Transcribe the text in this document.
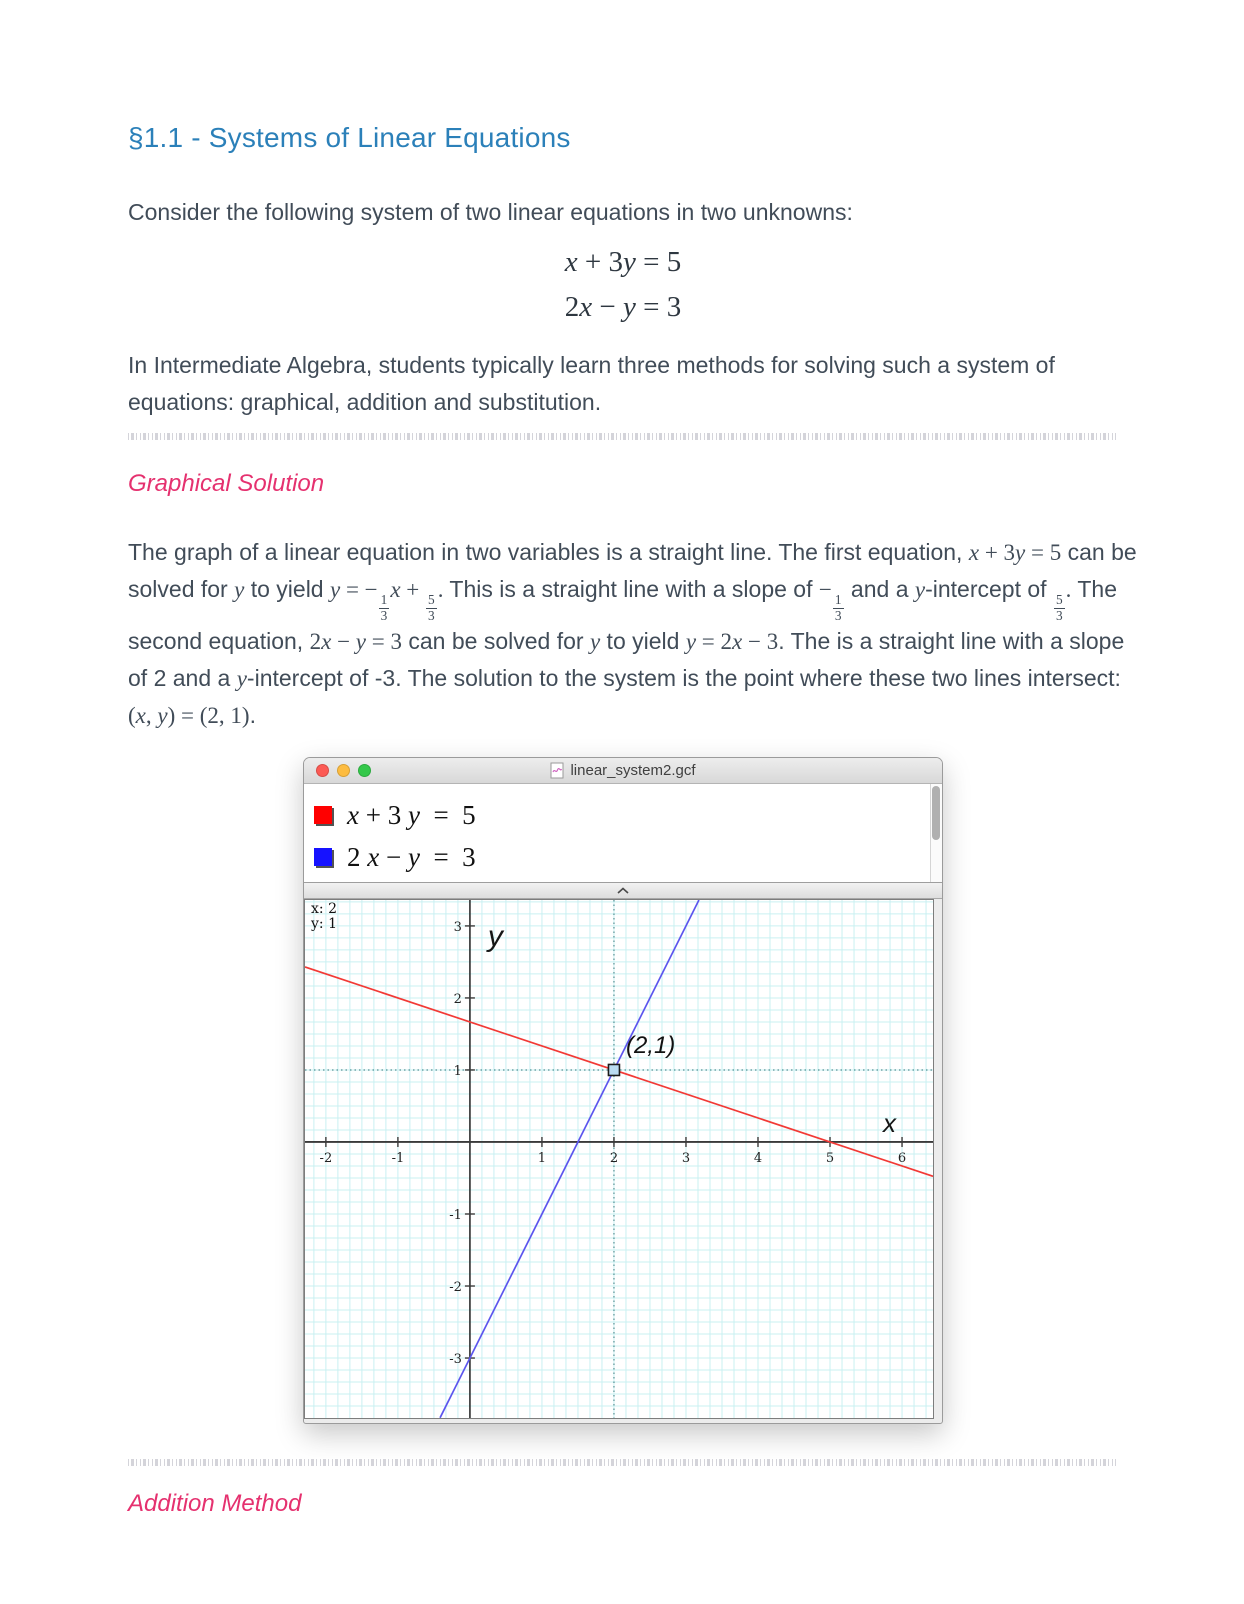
§1.1 - Systems of Linear Equations

Consider the following system of two linear equations in two unknowns:

x + 3y = 5
2x − y = 3

In Intermediate Algebra, students typically learn three methods for solving such a system of equations: graphical, addition and substitution.

Graphical Solution

The graph of a linear equation in two variables is a straight line. The first equation, x + 3y = 5 can be solved for y to yield y = −
$\frac{1}{3}$
x +
$\frac{5}{3}$
. This is a straight line with a slope of −
$\frac{1}{3}$
and a y-intercept of
$\frac{5}{3}$
. The second equation, 2x − y = 3 can be solved for y to yield y = 2x − 3. The is a straight line with a slope of 2 and a y-intercept of -3. The solution to the system is the point where these two lines intersect: (x, y) = (2, 1).

linear_system2.gcf
x + 3 y  =  5
2 x − y  =  3
-2	-1	1	2	3	4	5	6
3
2
1
-1
-2
-3
y
x
(2,1)
x: 2
y: 1
Addition Method
